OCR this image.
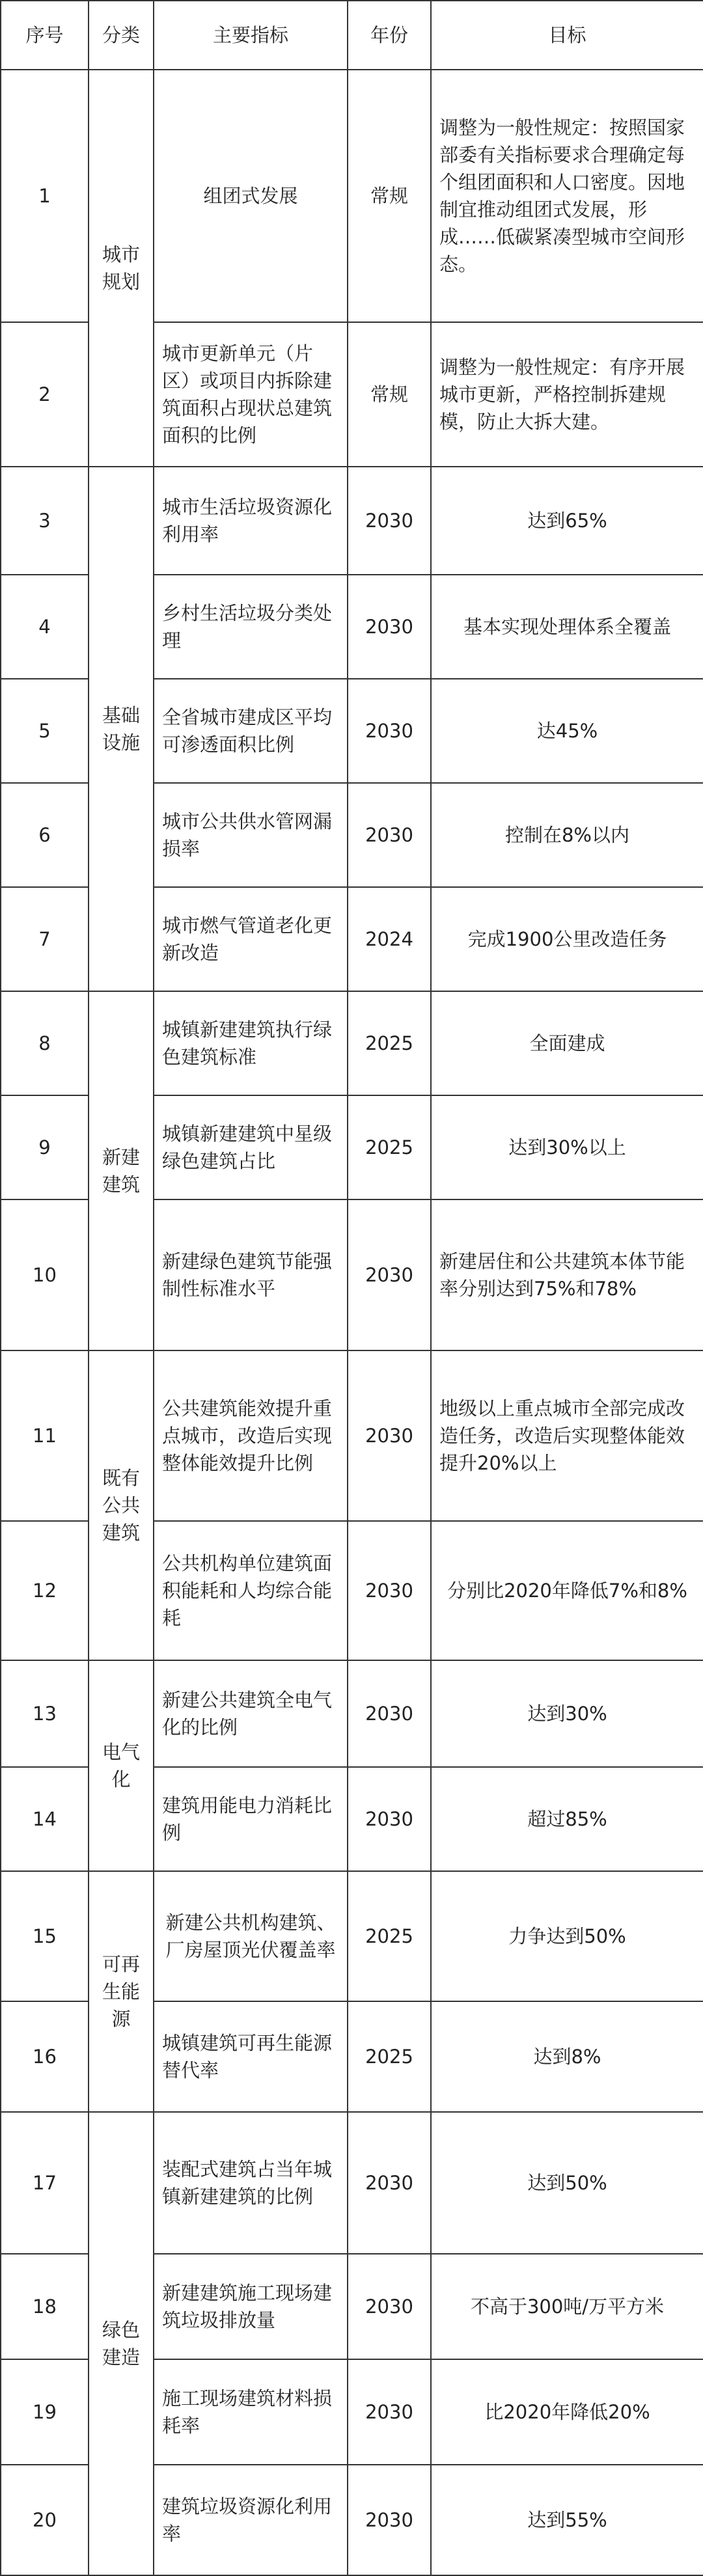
序号	分类	主要指标	年份	目标
1	城市规划	组团式发展	常规	调整为一般性规定：按照国家部委有关指标要求合理确定每个组团面积和人口密度。因地制宜推动组团式发展，形成……低碳紧凑型城市空间形态。
2		城市更新单元（片区）或项目内拆除建筑面积占现状总建筑面积的比例	常规	调整为一般性规定：有序开展城市更新，严格控制拆建规模，防止大拆大建。
3	基础设施	城市生活垃圾资源化利用率	2030	达到65%
4		乡村生活垃圾分类处理	2030	基本实现处理体系全覆盖
5		全省城市建成区平均可渗透面积比例	2030	达45%
6		城市公共供水管网漏损率	2030	控制在8%以内
7		城市燃气管道老化更新改造	2024	完成1900公里改造任务
8	新建建筑	城镇新建建筑执行绿色建筑标准	2025	全面建成
9		城镇新建建筑中星级绿色建筑占比	2025	达到30%以上
10		新建绿色建筑节能强制性标准水平	2030	新建居住和公共建筑本体节能率分别达到75%和78%
11	既有公共建筑	公共建筑能效提升重点城市，改造后实现整体能效提升比例	2030	地级以上重点城市全部完成改造任务，改造后实现整体能效提升20%以上
12		公共机构单位建筑面积能耗和人均综合能耗	2030	分别比2020年降低7%和8%
13	电气化	新建公共建筑全电气化的比例	2030	达到30%
14		建筑用能电力消耗比例	2030	超过85%
15	可再生能源	新建公共机构建筑、厂房屋顶光伏覆盖率	2025	力争达到50%
16		城镇建筑可再生能源替代率	2025	达到8%
17	绿色建造	装配式建筑占当年城镇新建建筑的比例	2030	达到50%
18		新建建筑施工现场建筑垃圾排放量	2030	不高于300吨/万平方米
19		施工现场建筑材料损耗率	2030	比2020年降低20%
20		建筑垃圾资源化利用率	2030	达到55%
